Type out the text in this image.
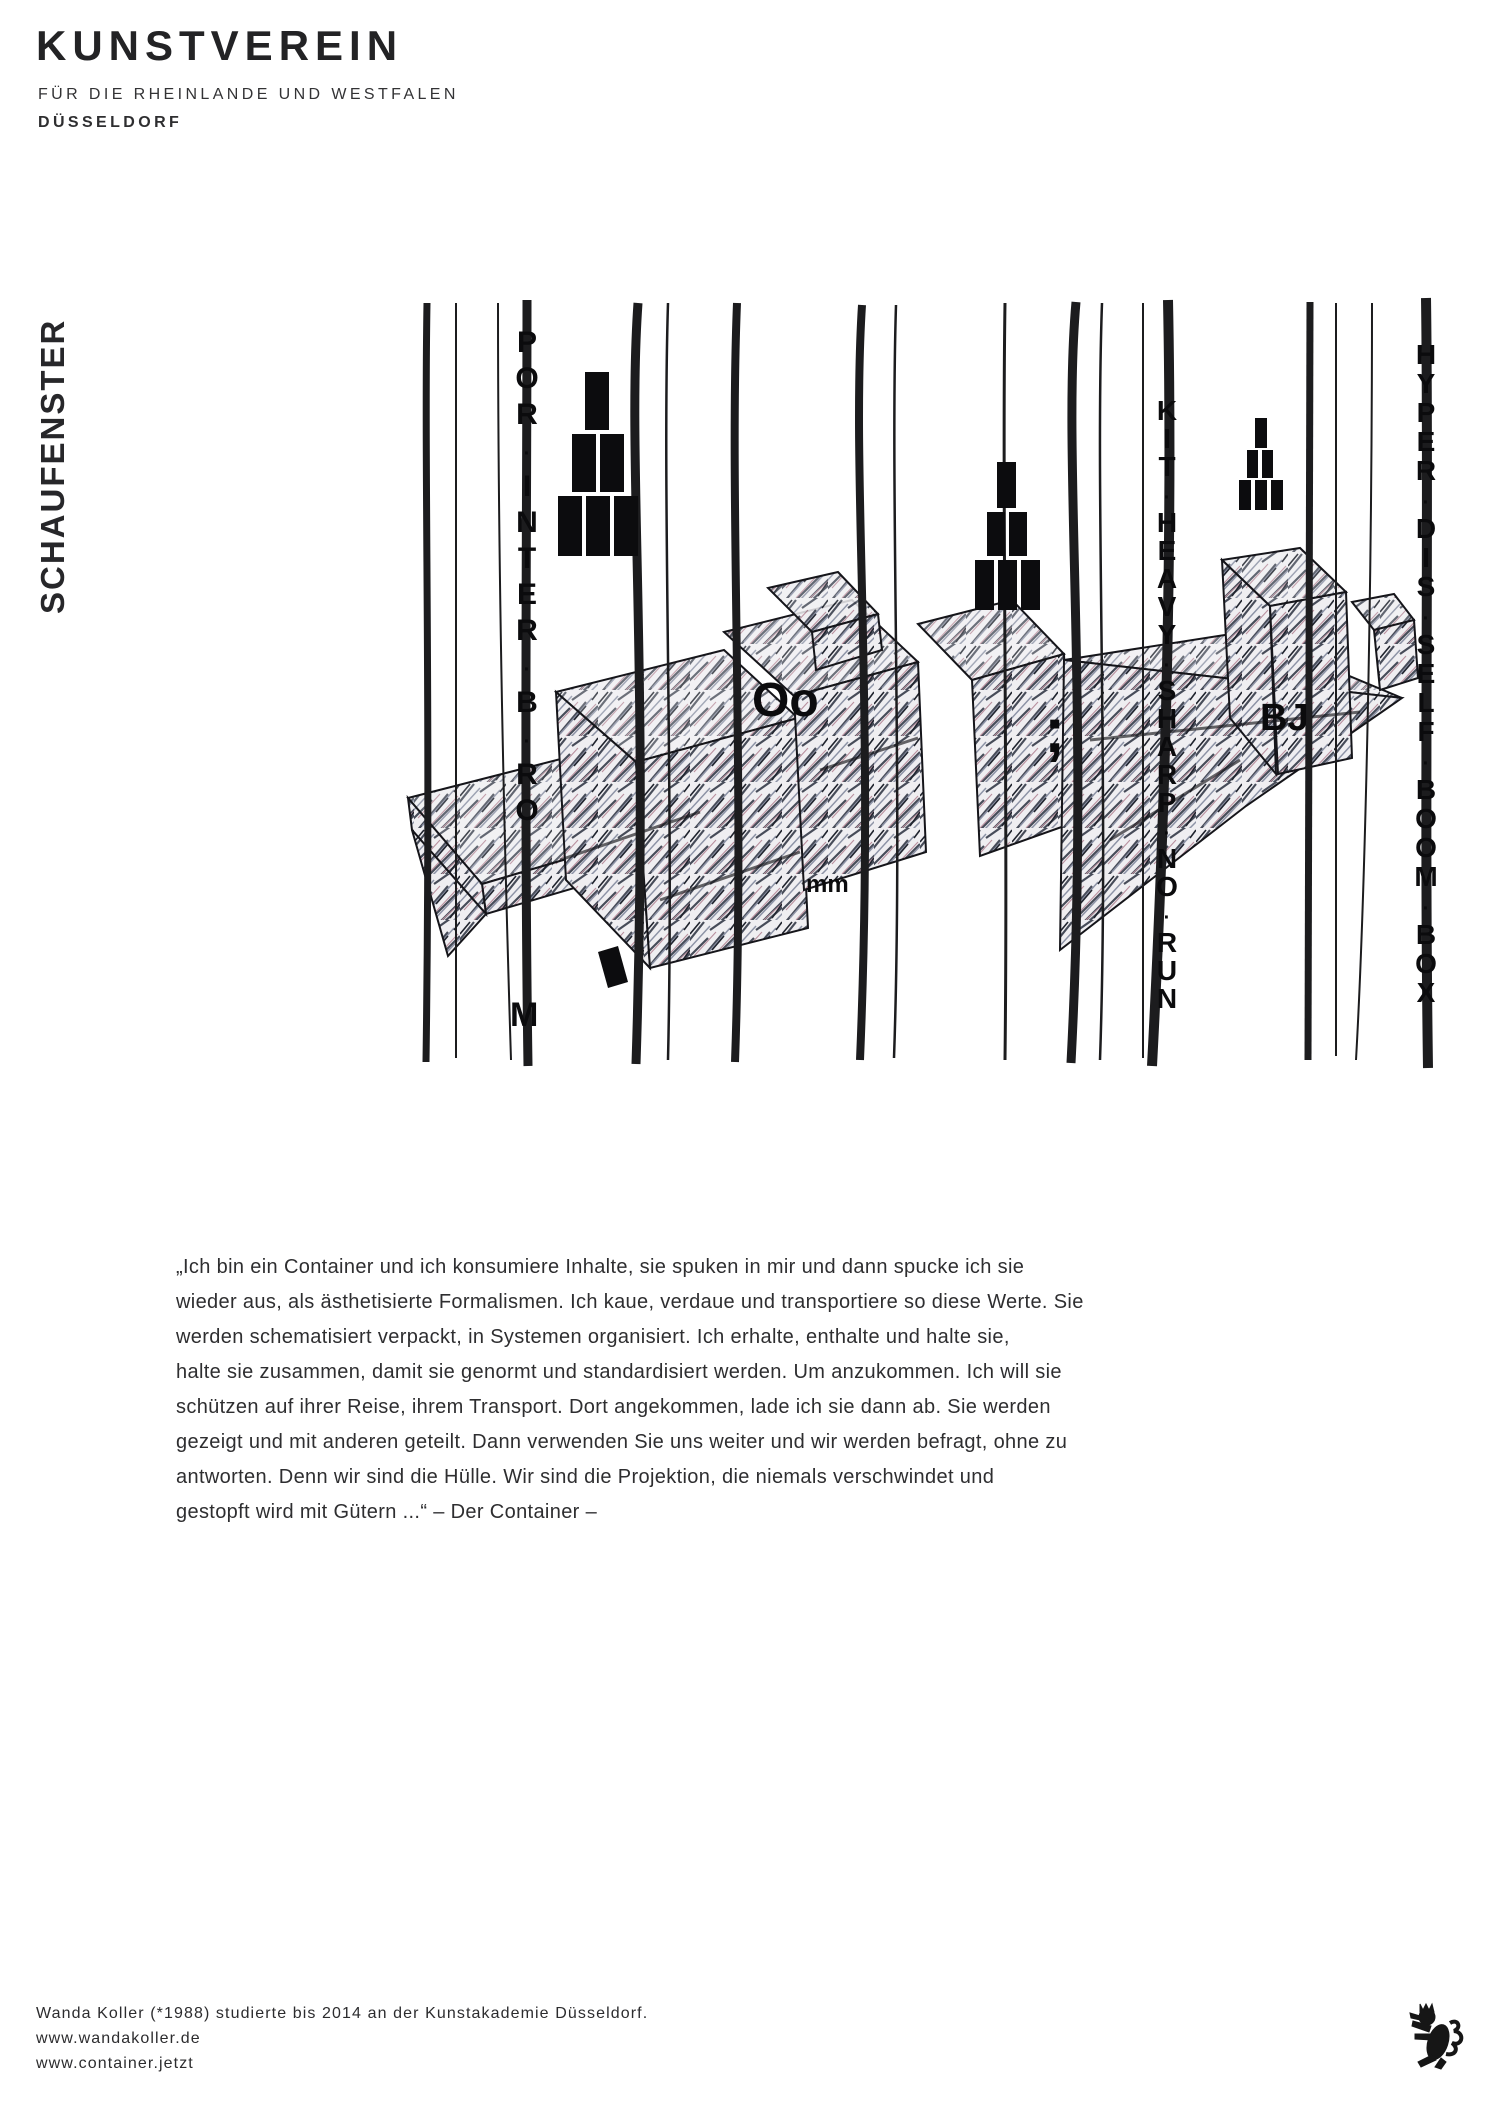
KUNSTVEREIN
FÜR DIE RHEINLANDE UND WESTFALEN
DÜSSELDORF
SCHAUFENSTER	P O R · I N T E R · B · R O
K I T · H E A V Y · S H A R P · N O · R U N
H Y P E R · D I S · S E L F · B O O M · B O X
Oo	;	BJ
M
mm
„Ich bin ein Container und ich konsumiere Inhalte, sie spuken in mir und dann spucke ich sie
wieder aus, als ästhetisierte Formalismen. Ich kaue, verdaue und transportiere so diese Werte. Sie
werden schematisiert verpackt, in Systemen organisiert. Ich erhalte, enthalte und halte sie,
halte sie zusammen, damit sie genormt und standardisiert werden. Um anzukommen. Ich will sie
schützen auf ihrer Reise, ihrem Transport. Dort angekommen, lade ich sie dann ab. Sie werden
gezeigt und mit anderen geteilt. Dann verwenden Sie uns weiter und wir werden befragt, ohne zu
antworten. Denn wir sind die Hülle. Wir sind die Projektion, die niemals verschwindet und
gestopft wird mit Gütern ...“ – Der Container –
Wanda Koller (*1988) studierte bis 2014 an der Kunstakademie Düsseldorf.
www.wandakoller.de
www.container.jetzt
